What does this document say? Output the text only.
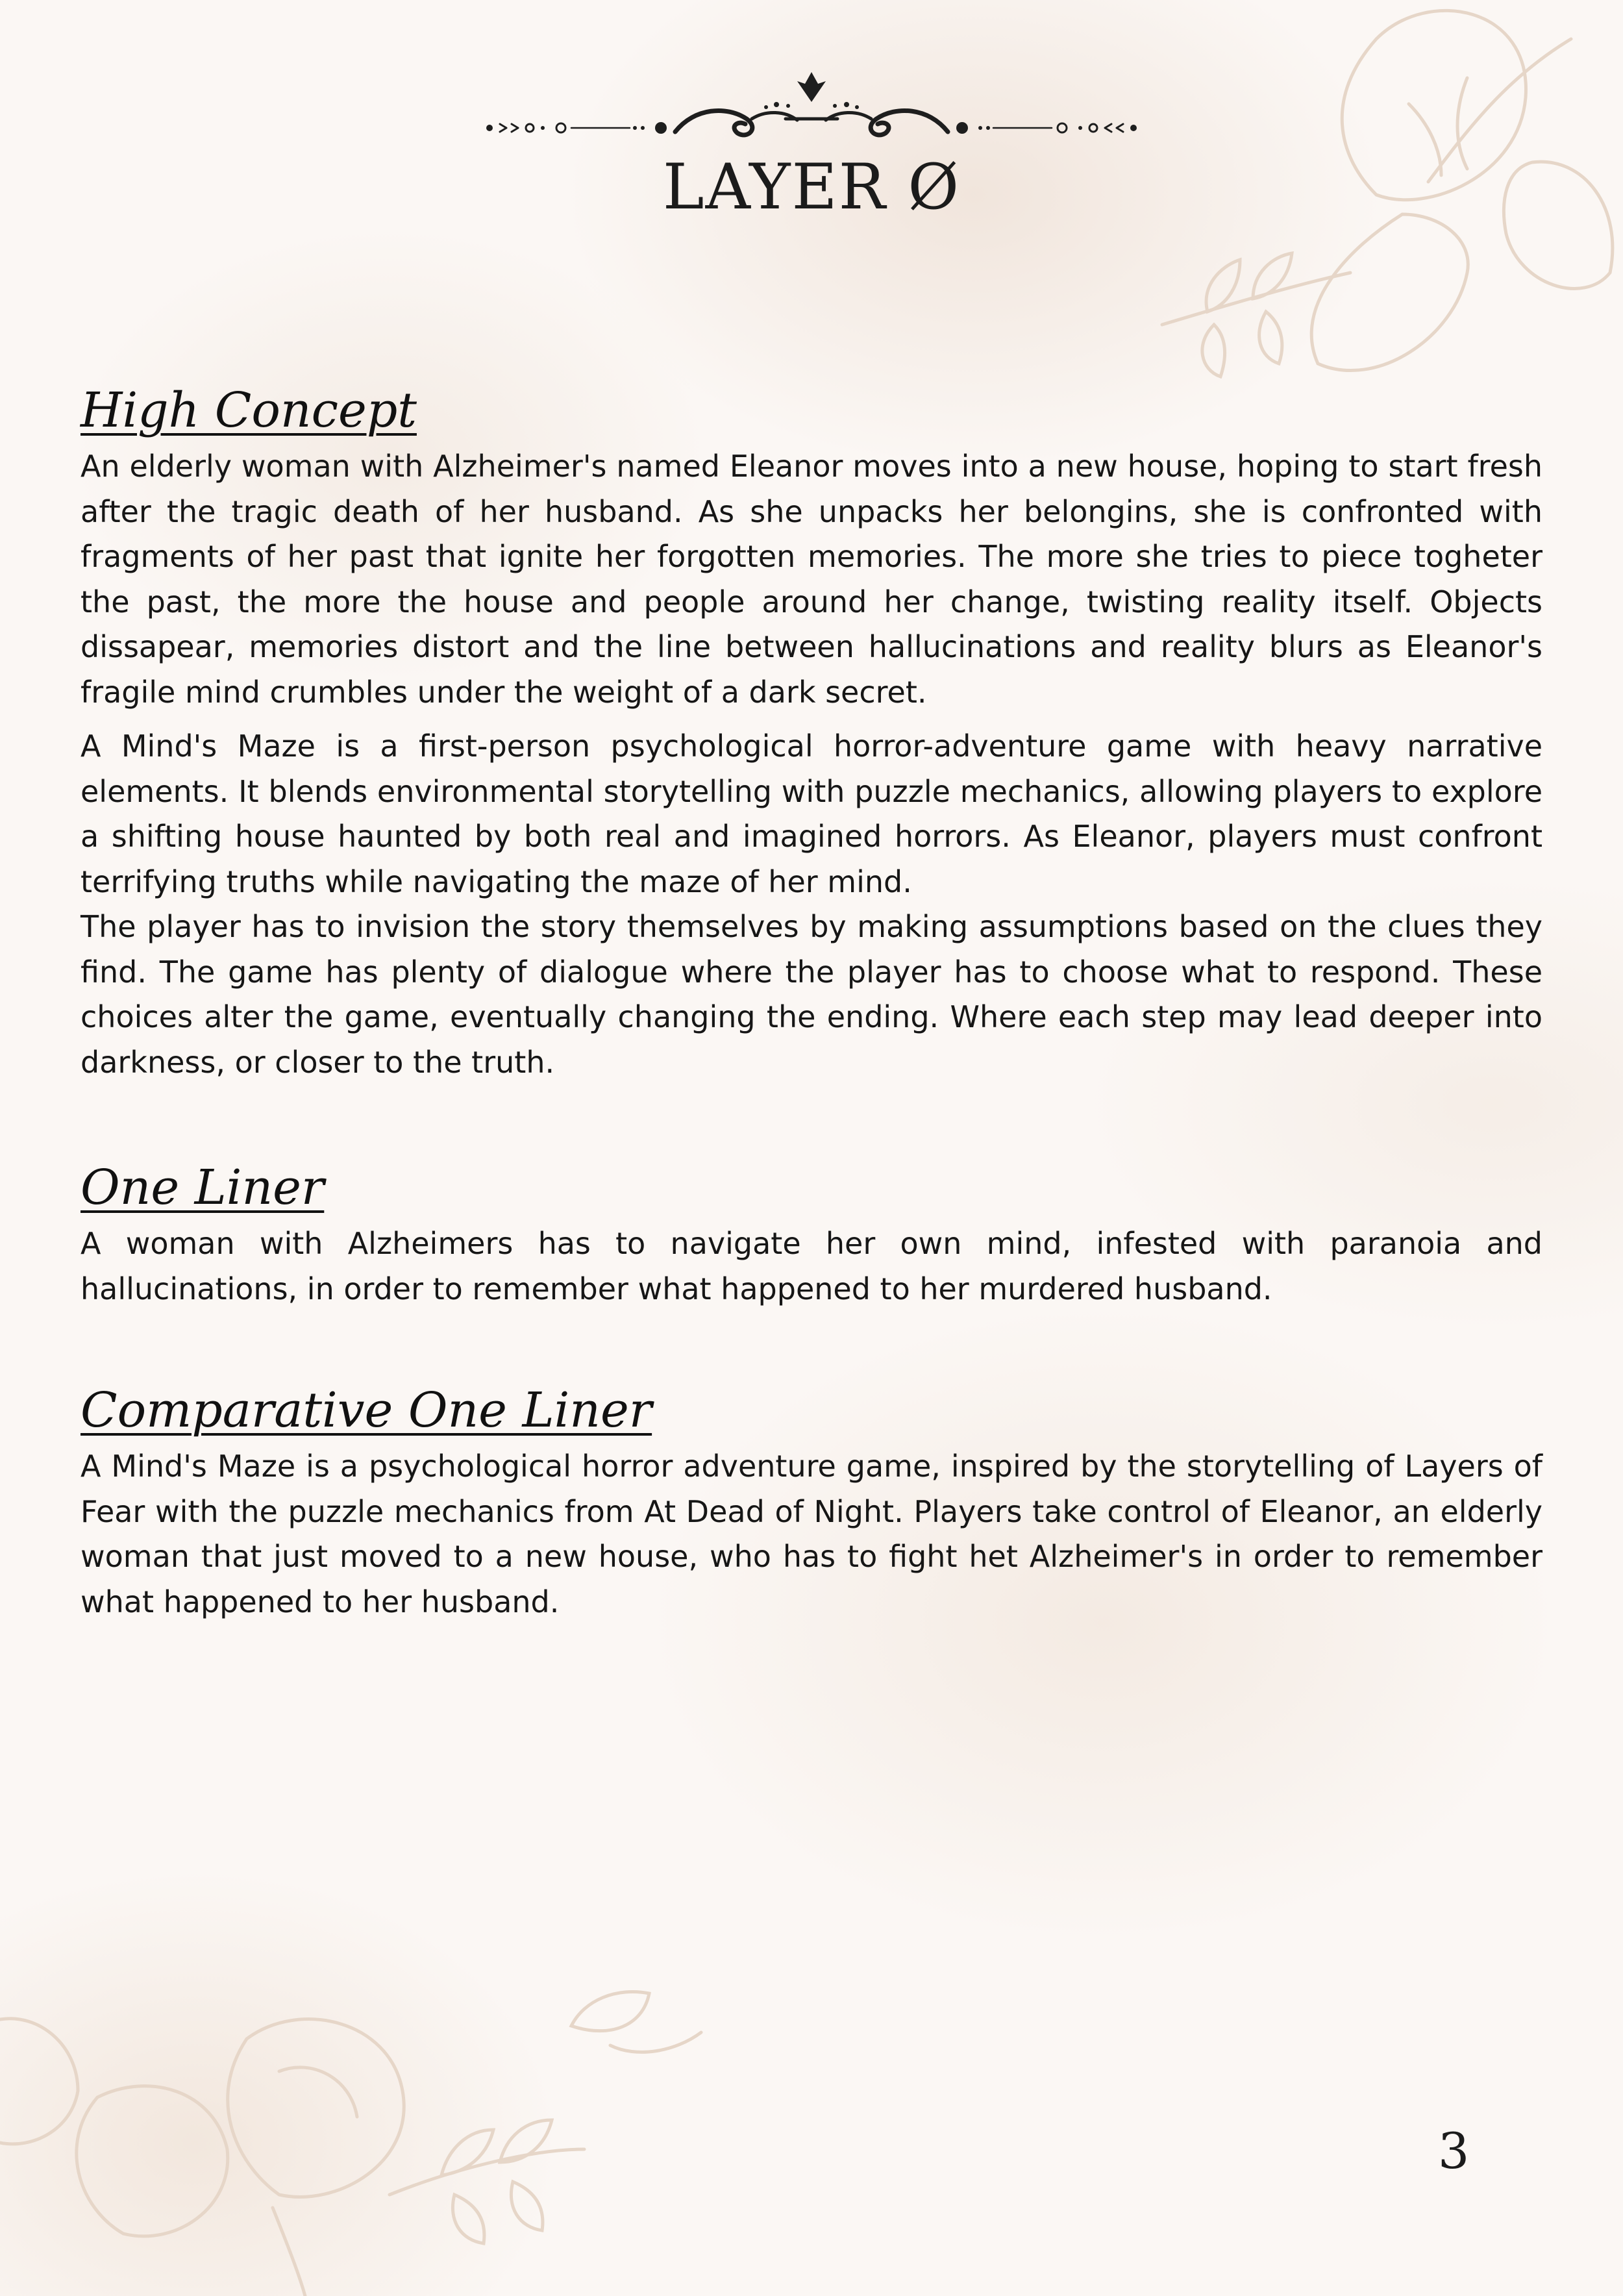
LAYER Ø
High Concept

An elderly woman with Alzheimer's named Eleanor moves into a new house, hoping to start fresh after the tragic death of her husband. As she unpacks her belongins, she is confronted with fragments of her past that ignite her forgotten memories. The more she tries to piece togheter the past, the more the house and people around her change, twisting reality itself. Objects dissapear, memories distort and the line between hallucinations and reality blurs as Eleanor's fragile mind crumbles under the weight of a dark secret.

A Mind's Maze is a first-person psychological horror-adventure game with heavy narrative elements. It blends environmental storytelling with puzzle mechanics, allowing players to explore a shifting house haunted by both real and imagined horrors. As Eleanor, players must confront terrifying truths while navigating the maze of her mind.

The player has to invision the story themselves by making assumptions based on the clues they find. The game has plenty of dialogue where the player has to choose what to respond. These choices alter the game, eventually changing the ending. Where each step may lead deeper into darkness, or closer to the truth.

One Liner

A woman with Alzheimers has to navigate her own mind, infested with paranoia and hallucinations, in order to remember what happened to her murdered husband.

Comparative One Liner

A Mind's Maze is a psychological horror adventure game, inspired by the storytelling of Layers of Fear with the puzzle mechanics from At Dead of Night. Players take control of Eleanor, an elderly woman that just moved to a new house, who has to fight het Alzheimer's in order to remember what happened to her husband.

3
